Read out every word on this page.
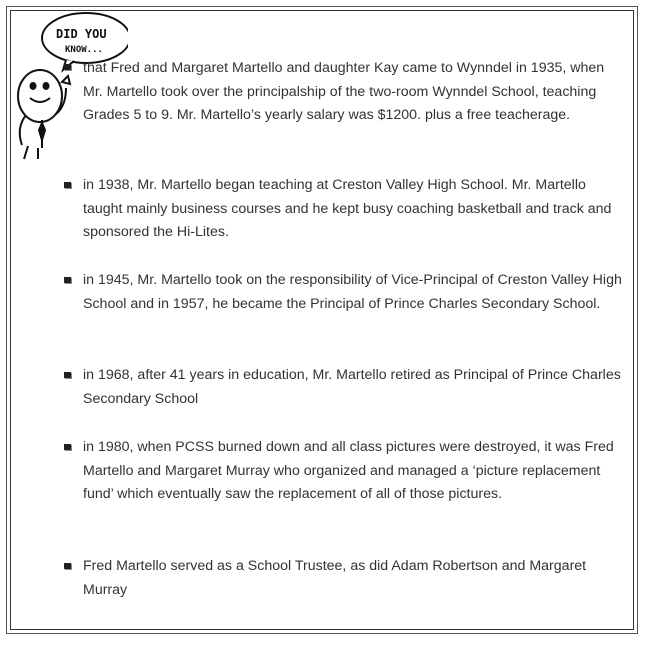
DID YOU
KNOW...
that Fred and Margaret Martello and daughter Kay came to Wynndel in 1935, when Mr. Martello took over the principalship of the two-room Wynndel School, teaching Grades 5 to 9. Mr. Martello’s yearly salary was $1200. plus a free teacherage.
in 1938, Mr. Martello began teaching at Creston Valley High School. Mr. Martello taught mainly business courses and he kept busy coaching basketball and track and sponsored the Hi-Lites.
in 1945, Mr. Martello took on the responsibility of Vice-Principal of Creston Valley High School and in 1957, he became the Principal of Prince Charles Secondary School.
in 1968, after 41 years in education, Mr. Martello retired as Principal of Prince Charles Secondary School
in 1980, when PCSS burned down and all class pictures were destroyed, it was Fred Martello and Margaret Murray who organized and managed a ‘picture replacement fund’ which eventually saw the replacement of all of those pictures.
Fred Martello served as a School Trustee, as did Adam Robertson and Margaret Murray
